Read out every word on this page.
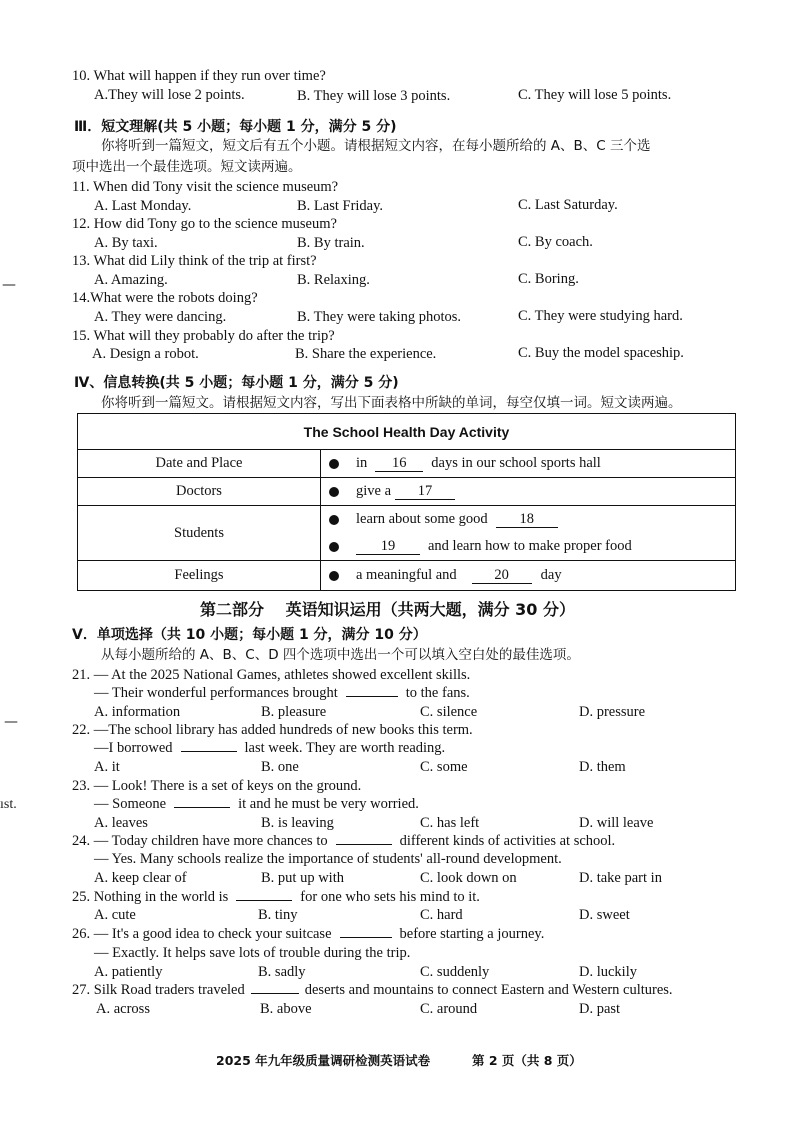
—
—
ıst.
10. What will happen if they run over time?
A.They will lose 2 points.	B. They will lose 3 points.	C. They will lose 5 points.
Ⅲ．短文理解(共 5 小题；每小题 1 分，满分 5 分)
你将听到一篇短文，短文后有五个小题。请根据短文内容，在每小题所给的 A、B、C 三个选
项中选出一个最佳选项。短文读两遍。
11. When did Tony visit the science museum?
A. Last Monday.	B. Last Friday.	C. Last Saturday.
12. How did Tony go to the science museum?
A. By taxi.	B. By train.	C. By coach.
13. What did Lily think of the trip at first?
A. Amazing.	B. Relaxing.	C. Boring.
14.What were the robots doing?
A. They were dancing.	B. They were taking photos.	C. They were studying hard.
15. What will they probably do after the trip?
A. Design a robot.	B. Share the experience.	C. Buy the model spaceship.
Ⅳ、信息转换(共 5 小题；每小题 1 分，满分 5 分)
你将听到一篇短文。请根据短文内容，写出下面表格中所缺的单词，每空仅填一词。短文读两遍。
The School Health Day Activity	
Date and Place	in 16 days in our school sports hall

Doctors	give a 17

Students	learn about some good 18
19 and learn how to make proper food

Feelings	a meaningful and 20 day
第二部分　 英语知识运用（共两大题，满分 30 分）
Ⅴ．单项选择（共 10 小题；每小题 1 分，满分 10 分）
从每小题所给的 A、B、C、D 四个选项中选出一个可以填入空白处的最佳选项。
21. — At the 2025 National Games, athletes showed excellent skills.
— Their wonderful performances brought	to the fans.
A. information	B. pleasure	C. silence	D. pressure
22. —The school library has added hundreds of new books this term.
—I borrowed	last week. They are worth reading.
A. it	B. one	C. some	D. them
23. — Look! There is a set of keys on the ground.
— Someone	it and he must be very worried.
A. leaves	B. is leaving	C. has left	D. will leave
24. — Today children have more chances to	different kinds of activities at school.
— Yes. Many schools realize the importance of students' all-round development.
A. keep clear of	B. put up with	C. look down on	D. take part in
25. Nothing in the world is	for one who sets his mind to it.
A. cute	B. tiny	C. hard	D. sweet
26. — It's a good idea to check your suitcase	before starting a journey.
— Exactly. It helps save lots of trouble during the trip.
A. patiently	B. sadly	C. suddenly	D. luckily
27. Silk Road traders traveled	deserts and mountains to connect Eastern and Western cultures.
A. across	B. above	C. around	D. past
2025 年九年级质量调研检测英语试卷	第 2 页（共 8 页）
